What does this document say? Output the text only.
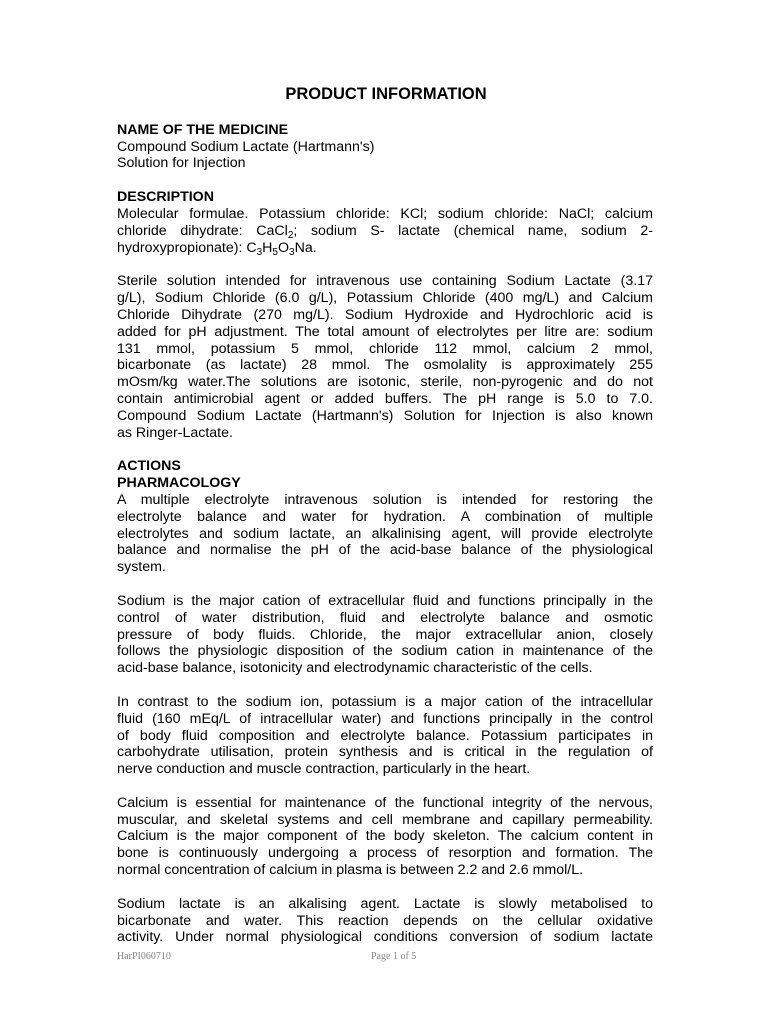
PRODUCT INFORMATION
NAME OF THE MEDICINE
Compound Sodium Lactate (Hartmann's)
Solution for Injection
DESCRIPTION
Molecular formulae. Potassium chloride: KCl; sodium chloride: NaCl; calcium
chloride dihydrate: CaCl$_2$; sodium S- lactate (chemical name, sodium 2-
hydroxypropionate): $C_3H_5O_3Na$.
Sterile solution intended for intravenous use containing Sodium Lactate (3.17
g/L), Sodium Chloride (6.0 g/L), Potassium Chloride (400 mg/L) and Calcium
Chloride Dihydrate (270 mg/L). Sodium Hydroxide and Hydrochloric acid is
added for pH adjustment. The total amount of electrolytes per litre are: sodium
131 mmol, potassium 5 mmol, chloride 112 mmol, calcium 2 mmol,
bicarbonate (as lactate) 28 mmol. The osmolality is approximately 255
mOsm/kg water.The solutions are isotonic, sterile, non-pyrogenic and do not
contain antimicrobial agent or added buffers. The pH range is 5.0 to 7.0.
Compound Sodium Lactate (Hartmann's) Solution for Injection is also known
as Ringer-Lactate.
ACTIONS
PHARMACOLOGY
A multiple electrolyte intravenous solution is intended for restoring the
electrolyte balance and water for hydration. A combination of multiple
electrolytes and sodium lactate, an alkalinising agent, will provide electrolyte
balance and normalise the pH of the acid-base balance of the physiological
system.
Sodium is the major cation of extracellular fluid and functions principally in the
control of water distribution, fluid and electrolyte balance and osmotic
pressure of body fluids. Chloride, the major extracellular anion, closely
follows the physiologic disposition of the sodium cation in maintenance of the
acid-base balance, isotonicity and electrodynamic characteristic of the cells.
In contrast to the sodium ion, potassium is a major cation of the intracellular
fluid (160 mEq/L of intracellular water) and functions principally in the control
of body fluid composition and electrolyte balance. Potassium participates in
carbohydrate utilisation, protein synthesis and is critical in the regulation of
nerve conduction and muscle contraction, particularly in the heart.
Calcium is essential for maintenance of the functional integrity of the nervous,
muscular, and skeletal systems and cell membrane and capillary permeability.
Calcium is the major component of the body skeleton. The calcium content in
bone is continuously undergoing a process of resorption and formation. The
normal concentration of calcium in plasma is between 2.2 and 2.6 mmol/L.
Sodium lactate is an alkalising agent. Lactate is slowly metabolised to
bicarbonate and water. This reaction depends on the cellular oxidative
activity. Under normal physiological conditions conversion of sodium lactate
HarPI060710	Page 1 of 5
